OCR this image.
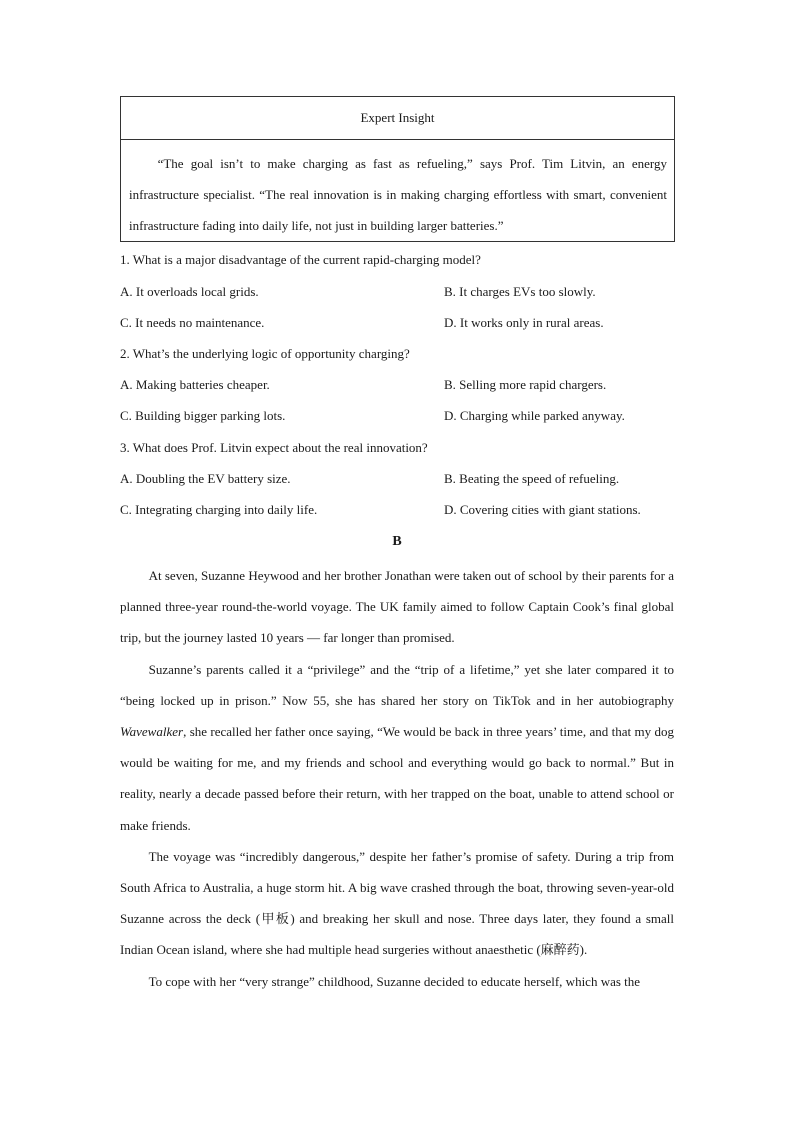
Expert Insight
“The goal isn’t to make charging as fast as refueling,” says Prof. Tim Litvin, an energy infrastructure specialist. “The real innovation is in making charging effortless with smart, convenient infrastructure fading into daily life, not just in building larger batteries.”
1. What is a major disadvantage of the current rapid-charging model?
A. It overloads local grids.	B. It charges EVs too slowly.
C. It needs no maintenance.	D. It works only in rural areas.
2. What’s the underlying logic of opportunity charging?
A. Making batteries cheaper.	B. Selling more rapid chargers.
C. Building bigger parking lots.	D. Charging while parked anyway.
3. What does Prof. Litvin expect about the real innovation?
A. Doubling the EV battery size.	B. Beating the speed of refueling.
C. Integrating charging into daily life.	D. Covering cities with giant stations.
B

At seven, Suzanne Heywood and her brother Jonathan were taken out of school by their parents for a planned three-year round-the-world voyage. The UK family aimed to follow Captain Cook’s final global trip, but the journey lasted 10 years — far longer than promised.

Suzanne’s parents called it a “privilege” and the “trip of a lifetime,” yet she later compared it to “being locked up in prison.” Now 55, she has shared her story on TikTok and in her autobiography Wavewalker, she recalled her father once saying, “We would be back in three years’ time, and that my dog would be waiting for me, and my friends and school and everything would go back to normal.” But in reality, nearly a decade passed before their return, with her trapped on the boat, unable to attend school or make friends.

The voyage was “incredibly dangerous,” despite her father’s promise of safety. During a trip from South Africa to Australia, a huge storm hit. A big wave crashed through the boat, throwing seven-year-old Suzanne across the deck (甲板) and breaking her skull and nose. Three days later, they found a small Indian Ocean island, where she had multiple head surgeries without anaesthetic (麻醉药).

To cope with her “very strange” childhood, Suzanne decided to educate herself, which was the
